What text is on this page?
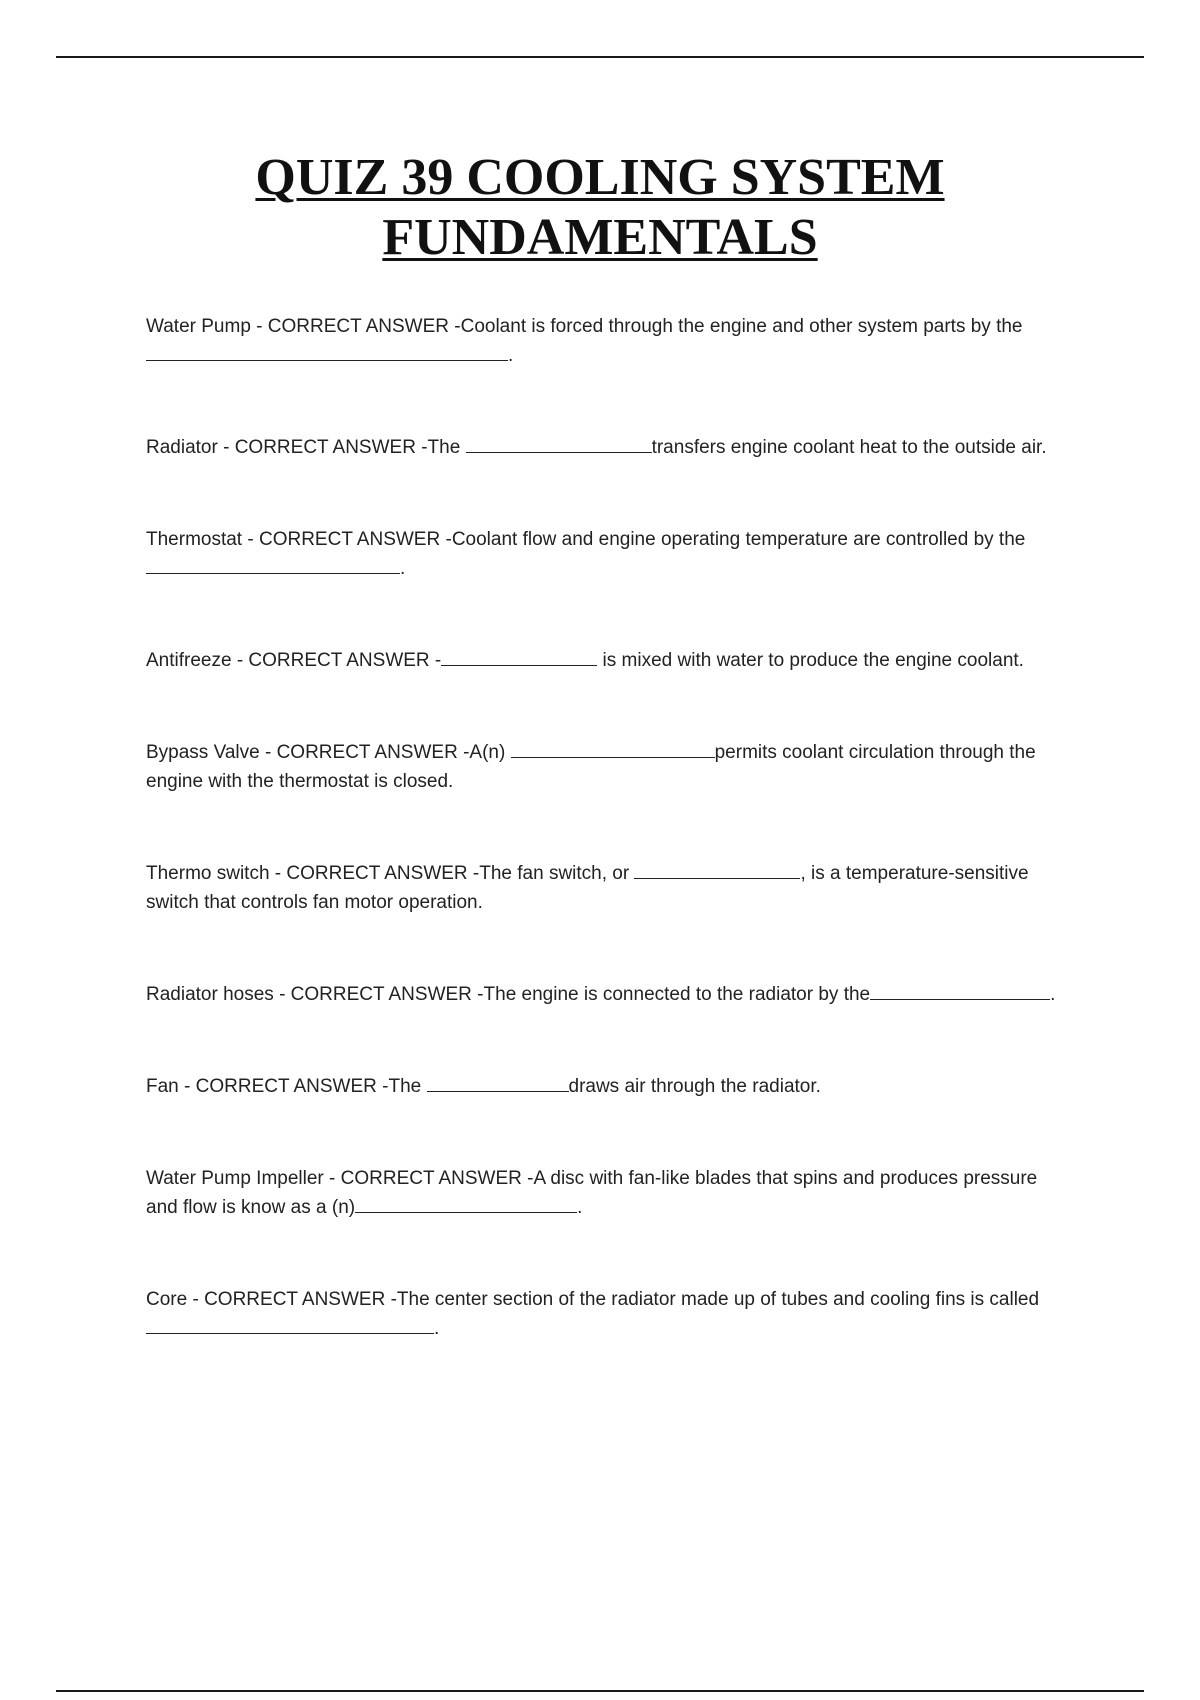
QUIZ 39 COOLING SYSTEM
FUNDAMENTALS

Water Pump - CORRECT ANSWER -Coolant is forced through the engine and other system parts by the .

Radiator - CORRECT ANSWER -The	transfers engine coolant heat to the outside air.

Thermostat - CORRECT ANSWER -Coolant flow and engine operating temperature are controlled by the .

Antifreeze - CORRECT ANSWER -	is mixed with water to produce the engine coolant.

Bypass Valve - CORRECT ANSWER -A(n)	permits coolant circulation through the engine with the thermostat is closed.

Thermo switch - CORRECT ANSWER -The fan switch, or	, is a temperature-sensitive switch that controls fan motor operation.

Radiator hoses - CORRECT ANSWER -The engine is connected to the radiator by the	.

Fan - CORRECT ANSWER -The	draws air through the radiator.

Water Pump Impeller - CORRECT ANSWER -A disc with fan-like blades that spins and produces pressure and flow is know as a (n)	.

Core - CORRECT ANSWER -The center section of the radiator made up of tubes and cooling fins is called .
